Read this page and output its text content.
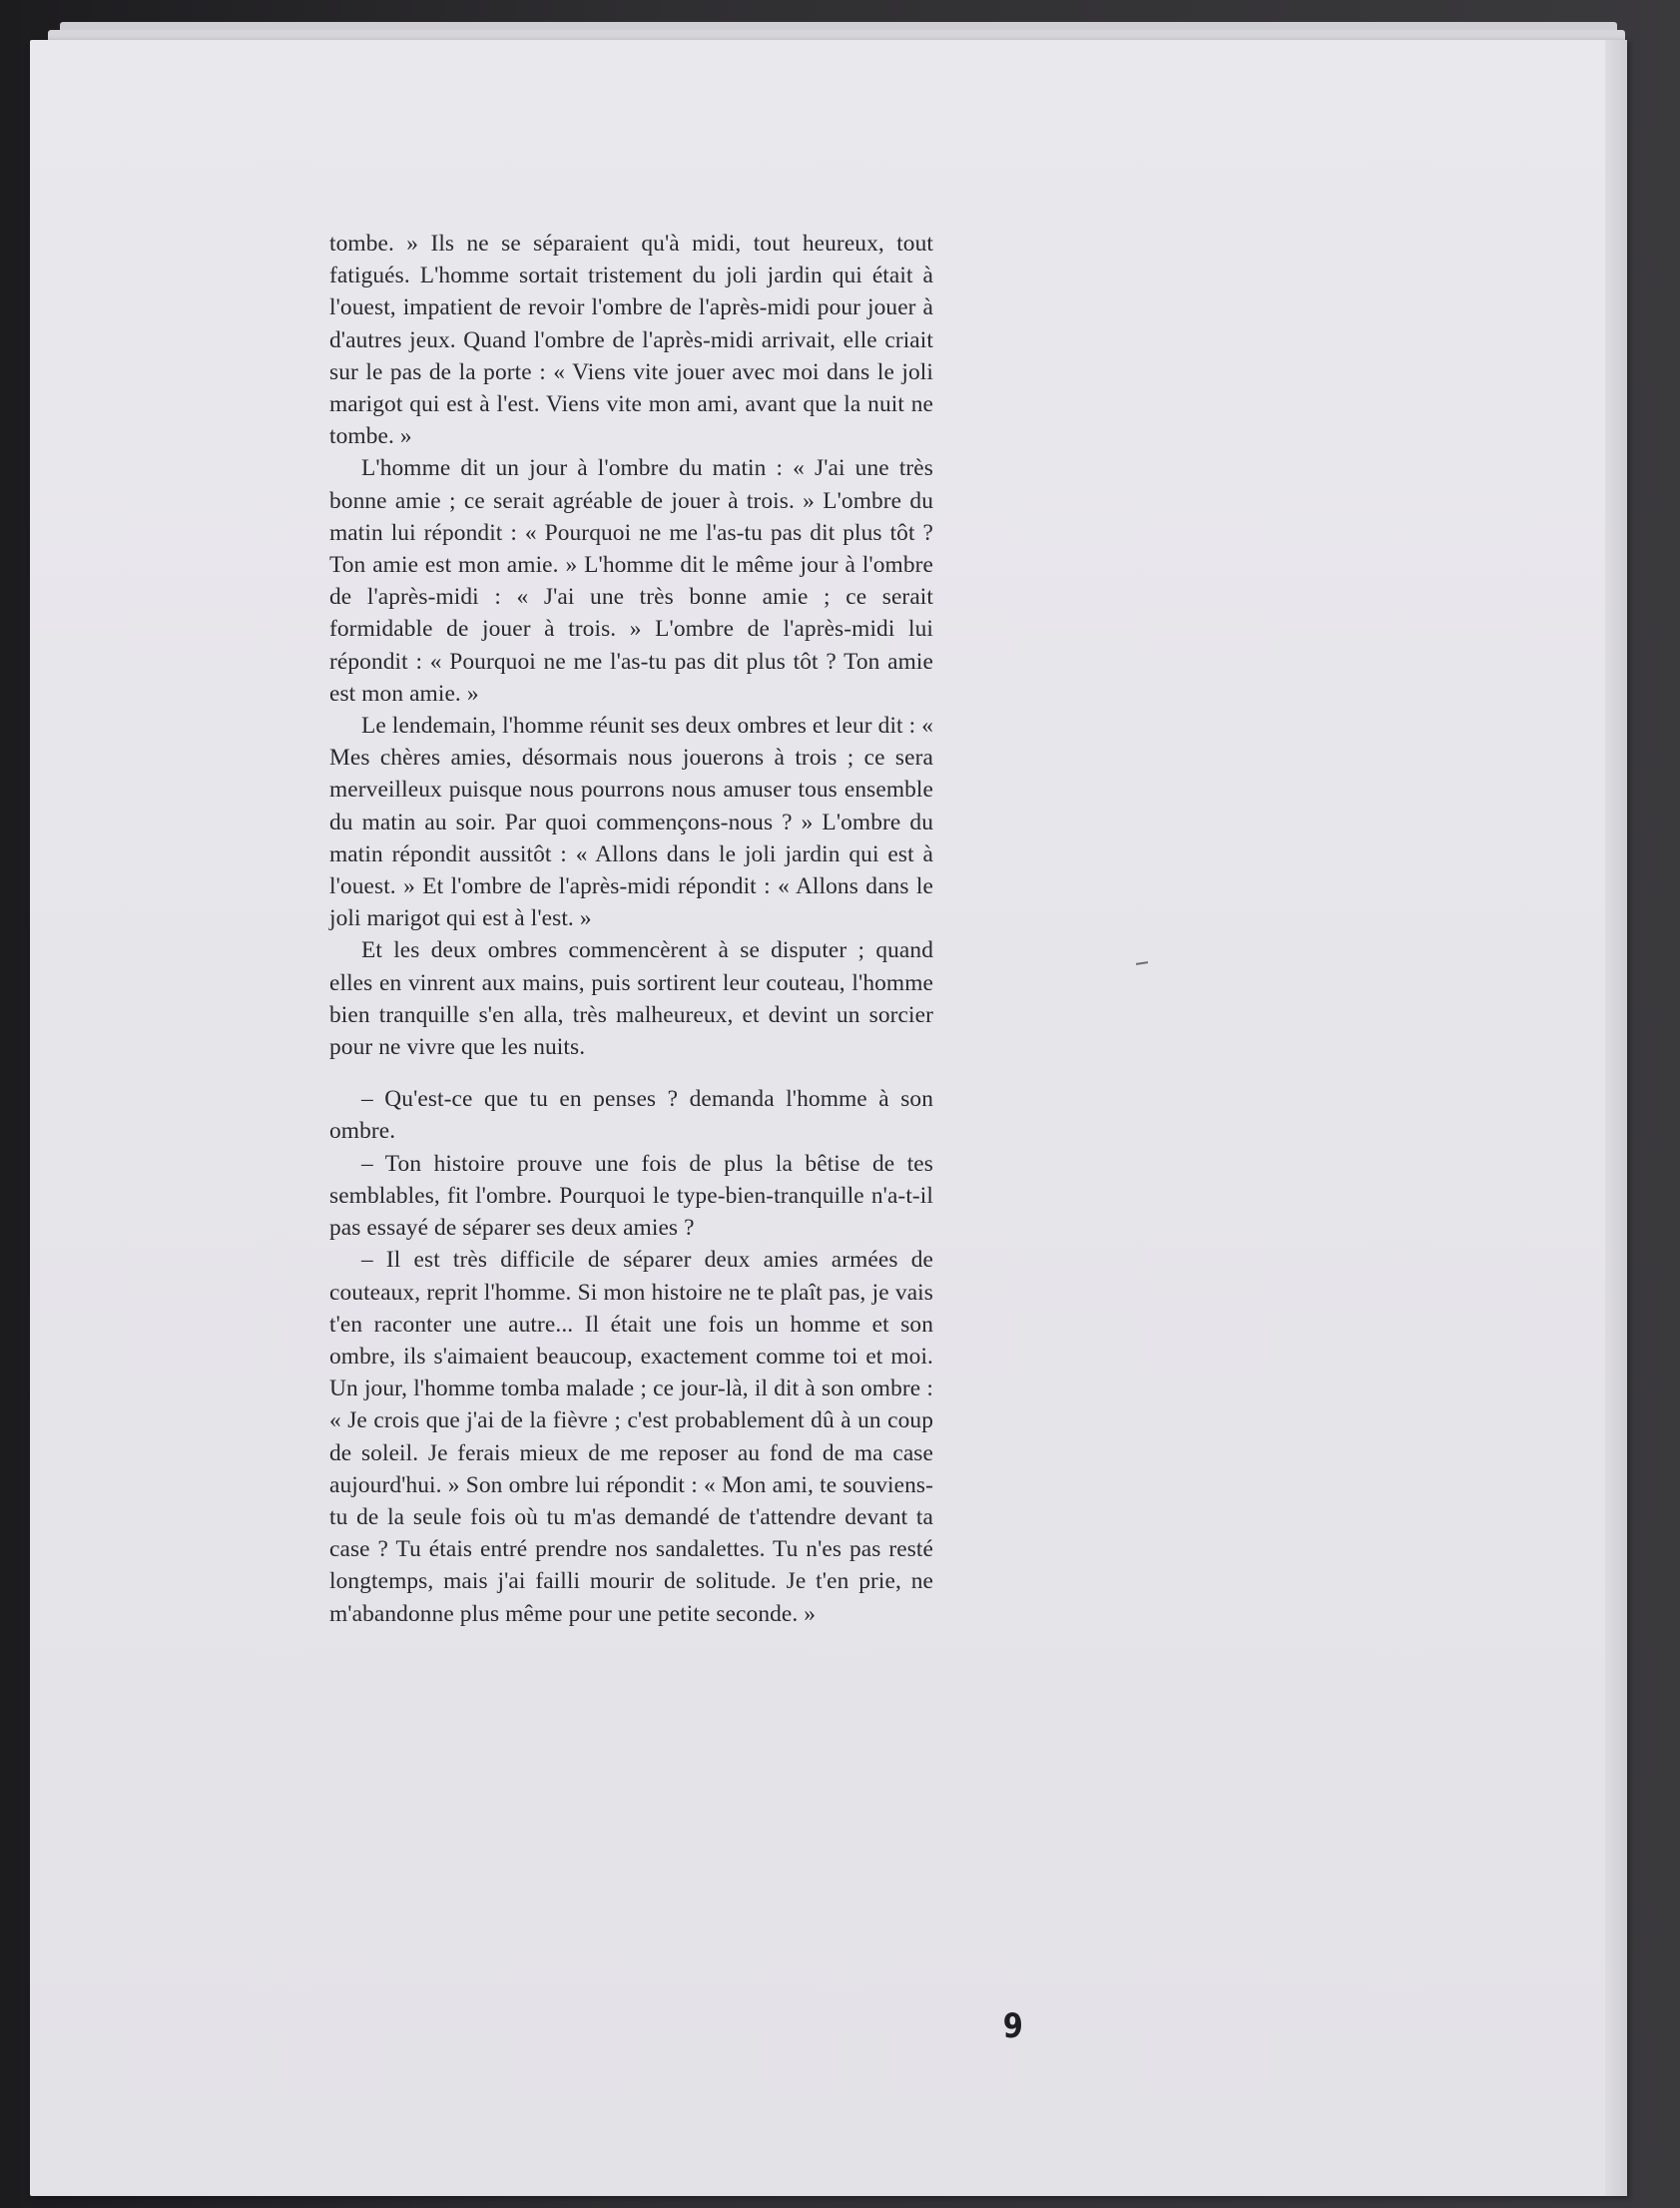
tombe. » Ils ne se séparaient qu'à midi, tout heureux, tout fatigués. L'homme sortait tristement du joli jardin qui était à l'ouest, impatient de revoir l'ombre de l'après-midi pour jouer à d'autres jeux. Quand l'ombre de l'après-midi arrivait, elle criait sur le pas de la porte : « Viens vite jouer avec moi dans le joli marigot qui est à l'est. Viens vite mon ami, avant que la nuit ne tombe. »

L'homme dit un jour à l'ombre du matin : « J'ai une très bonne amie ; ce serait agréable de jouer à trois. » L'ombre du matin lui répondit : « Pourquoi ne me l'as-tu pas dit plus tôt ? Ton amie est mon amie. » L'homme dit le même jour à l'ombre de l'après-midi : « J'ai une très bonne amie ; ce serait formidable de jouer à trois. » L'ombre de l'après-midi lui répondit : « Pourquoi ne me l'as-tu pas dit plus tôt ? Ton amie est mon amie. »

Le lendemain, l'homme réunit ses deux ombres et leur dit : « Mes chères amies, désormais nous jouerons à trois ; ce sera merveilleux puisque nous pourrons nous amuser tous ensemble du matin au soir. Par quoi commençons-nous ? » L'ombre du matin répondit aussitôt : « Allons dans le joli jardin qui est à l'ouest. » Et l'ombre de l'après-midi répondit : « Allons dans le joli marigot qui est à l'est. »

Et les deux ombres commencèrent à se disputer ; quand elles en vinrent aux mains, puis sortirent leur couteau, l'homme bien tranquille s'en alla, très malheureux, et devint un sorcier pour ne vivre que les nuits.

– Qu'est-ce que tu en penses ? demanda l'homme à son ombre.

– Ton histoire prouve une fois de plus la bêtise de tes semblables, fit l'ombre. Pourquoi le type-bien-tranquille n'a-t-il pas essayé de séparer ses deux amies ?

– Il est très difficile de séparer deux amies armées de couteaux, reprit l'homme. Si mon histoire ne te plaît pas, je vais t'en raconter une autre... Il était une fois un homme et son ombre, ils s'aimaient beaucoup, exactement comme toi et moi. Un jour, l'homme tomba malade ; ce jour-là, il dit à son ombre : « Je crois que j'ai de la fièvre ; c'est probablement dû à un coup de soleil. Je ferais mieux de me reposer au fond de ma case aujourd'hui. » Son ombre lui répondit : « Mon ami, te souviens-tu de la seule fois où tu m'as demandé de t'attendre devant ta case ? Tu étais entré prendre nos sandalettes. Tu n'es pas resté longtemps, mais j'ai failli mourir de solitude. Je t'en prie, ne m'abandonne plus même pour une petite seconde. »

9
